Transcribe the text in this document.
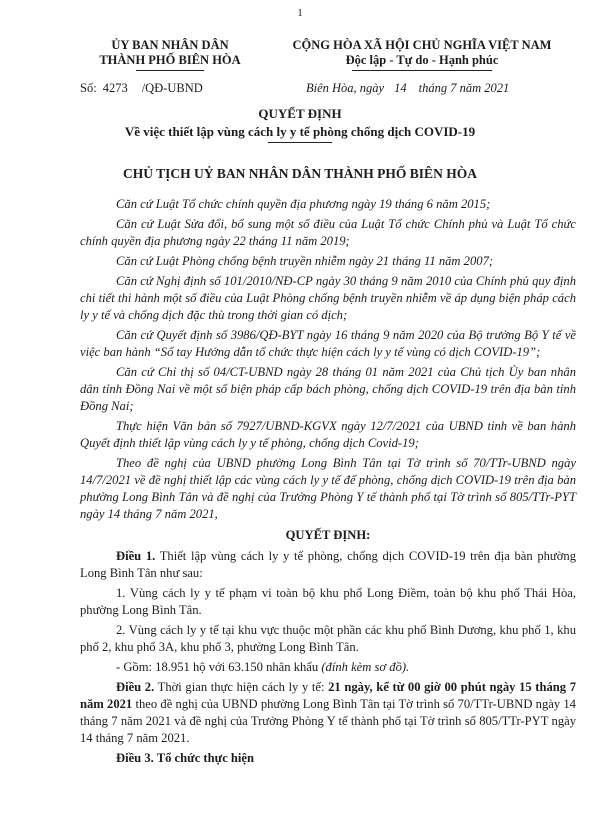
1
ỦY BAN NHÂN DÂN
THÀNH PHỐ BIÊN HÒA
CỘNG HÒA XÃ HỘI CHỦ NGHĨA VIỆT NAM
Độc lập - Tự do - Hạnh phúc
Số: 4273 /QĐ-UBND	Biên Hòa, ngày 14 tháng 7 năm 2021
QUYẾT ĐỊNH
Về việc thiết lập vùng cách ly y tế phòng chống dịch COVID-19
CHỦ TỊCH UỶ BAN NHÂN DÂN THÀNH PHỐ BIÊN HÒA

Căn cứ Luật Tổ chức chính quyền địa phương ngày 19 tháng 6 năm 2015;

Căn cứ Luật Sửa đổi, bổ sung một số điều của Luật Tổ chức Chính phủ và Luật Tổ chức chính quyền địa phương ngày 22 tháng 11 năm 2019;

Căn cứ Luật Phòng chống bệnh truyền nhiễm ngày 21 tháng 11 năm 2007;

Căn cứ Nghị định số 101/2010/NĐ-CP ngày 30 tháng 9 năm 2010 của Chính phủ quy định chi tiết thi hành một số điều của Luật Phòng chống bệnh truyền nhiễm về áp dụng biện pháp cách ly y tế và chống dịch đặc thù trong thời gian có dịch;

Căn cứ Quyết định số 3986/QĐ-BYT ngày 16 tháng 9 năm 2020 của Bộ trưởng Bộ Y tế về việc ban hành “Sổ tay Hướng dẫn tổ chức thực hiện cách ly y tế vùng có dịch COVID-19”;

Căn cứ Chỉ thị số 04/CT-UBND ngày 28 tháng 01 năm 2021 của Chủ tịch Ủy ban nhân dân tỉnh Đồng Nai về một số biện pháp cấp bách phòng, chống dịch COVID-19 trên địa bàn tỉnh Đồng Nai;

Thực hiện Văn bản số 7927/UBND-KGVX ngày 12/7/2021 của UBND tỉnh về ban hành Quyết định thiết lập vùng cách ly y tế phòng, chống dịch Covid-19;

Theo đề nghị của UBND phường Long Bình Tân tại Tờ trình số 70/TTr-UBND ngày 14/7/2021 về đề nghị thiết lập các vùng cách ly y tế để phòng, chống dịch COVID-19 trên địa bàn phường Long Bình Tân và đề nghị của Trưởng Phòng Y tế thành phố tại Tờ trình số 805/TTr-PYT ngày 14 tháng 7 năm 2021,

QUYẾT ĐỊNH:

Điều 1. Thiết lập vùng cách ly y tế phòng, chống dịch COVID-19 trên địa bàn phường Long Bình Tân như sau:

1. Vùng cách ly y tế phạm vi toàn bộ khu phố Long Điềm, toàn bộ khu phố Thái Hòa, phường Long Bình Tân.

2. Vùng cách ly y tế tại khu vực thuộc một phần các khu phố Bình Dương, khu phố 1, khu phố 2, khu phố 3A, khu phố 3, phường Long Bình Tân.

- Gồm: 18.951 hộ với 63.150 nhân khẩu (đính kèm sơ đồ).

Điều 2. Thời gian thực hiện cách ly y tế: 21 ngày, kể từ 00 giờ 00 phút ngày 15 tháng 7 năm 2021 theo đề nghị của UBND phường Long Bình Tân tại Tờ trình số 70/TTr-UBND ngày 14 tháng 7 năm 2021 và đề nghị của Trưởng Phòng Y tế thành phố tại Tờ trình số 805/TTr-PYT ngày 14 tháng 7 năm 2021.

Điều 3. Tổ chức thực hiện
